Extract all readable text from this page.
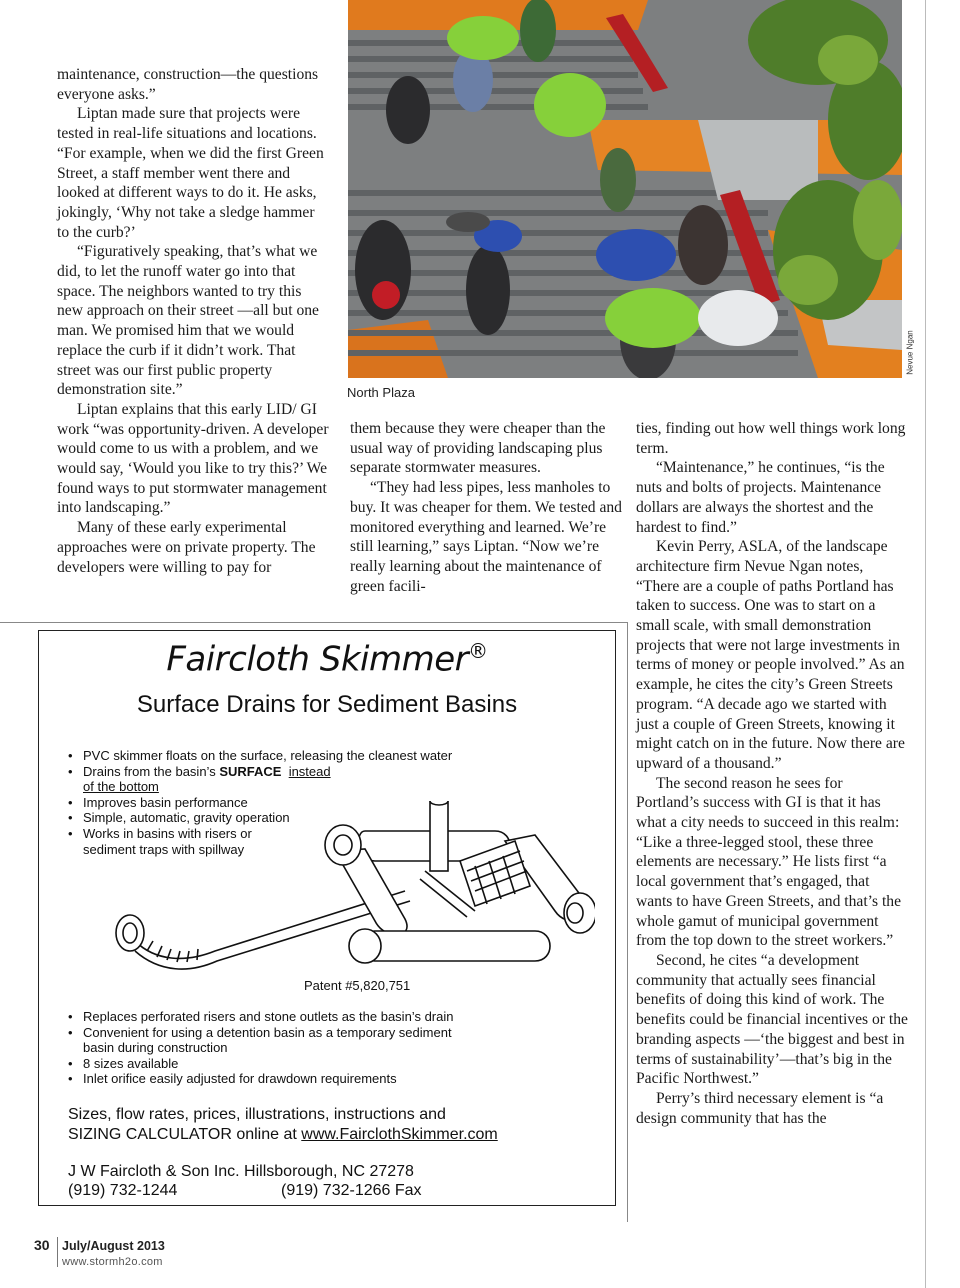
maintenance, construction—the questions everyone asks.”

Liptan made sure that projects were tested in real-life situations and locations. “For example, when we did the first Green Street, a staff member went there and looked at different ways to do it. He asks, jokingly, ‘Why not take a sledge hammer to the curb?’

“Figuratively speaking, that’s what we did, to let the runoff water go into that space. The neighbors wanted to try this new approach on their street —all but one man. We promised him that we would replace the curb if it didn’t work. That street was our first public property demonstration site.”

Liptan explains that this early LID/ GI work “was opportunity-driven. A developer would come to us with a problem, and we would say, ‘Would you like to try this?’ We found ways to put stormwater management into landscaping.”

Many of these early experimental approaches were on private property. The developers were willing to pay for

Nevue Ngan
North Plaza

them because they were cheaper than the usual way of providing landscaping plus separate stormwater measures.

“They had less pipes, less manholes to buy. It was cheaper for them. We tested and monitored everything and learned. We’re still learning,” says Liptan. “Now we’re really learning about the maintenance of green facili-

ties, finding out how well things work long term.

“Maintenance,” he continues, “is the nuts and bolts of projects. Maintenance dollars are always the shortest and the hardest to find.”

Kevin Perry, ASLA, of the landscape architecture firm Nevue Ngan notes, “There are a couple of paths Portland has taken to success. One was to start on a small scale, with small demonstration projects that were not large investments in terms of money or people involved.” As an example, he cites the city’s Green Streets program. “A decade ago we started with just a couple of Green Streets, knowing it might catch on in the future. Now there are upward of a thousand.”

The second reason he sees for Portland’s success with GI is that it has what a city needs to succeed in this realm: “Like a three-legged stool, these three elements are necessary.” He lists first “a local government that’s engaged, that wants to have Green Streets, and that’s the whole gamut of municipal government from the top down to the street workers.”

Second, he cites “a development community that actually sees financial benefits of doing this kind of work. The benefits could be financial incentives or the branding aspects —‘the biggest and best in terms of sustainability’—that’s big in the Pacific Northwest.”

Perry’s third necessary element is “a design community that has the

Faircloth Skimmer®
Surface Drains for Sediment Basins
• PVC skimmer floats on the surface, releasing the cleanest water
• Drains from the basin’s SURFACE instead
of the bottom
• Improves basin performance
• Simple, automatic, gravity operation
• Works in basins with risers or
sediment traps with spillway
Patent #5,820,751
• Replaces perforated risers and stone outlets as the basin’s drain
• Convenient for using a detention basin as a temporary sediment
basin during construction
• 8 sizes available
• Inlet orifice easily adjusted for drawdown requirements
Sizes, flow rates, prices, illustrations, instructions and
SIZING CALCULATOR online at www.FairclothSkimmer.com
J W Faircloth & Son Inc. Hillsborough, NC 27278
(919) 732-1244	(919) 732-1266 Fax
30 July/August 2013
www.stormh2o.com
